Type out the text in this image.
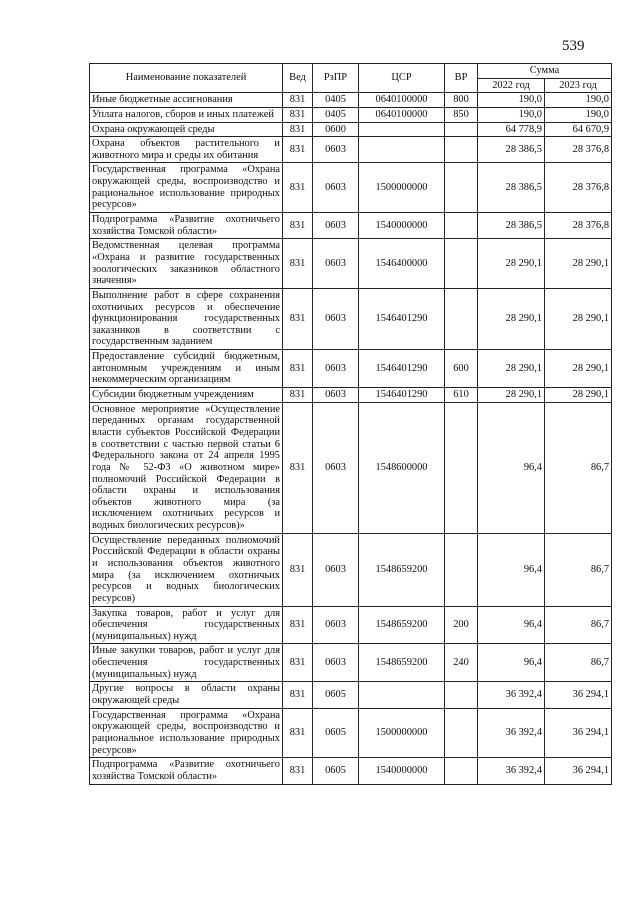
539
Наименование показателей	Вед	РзПР	ЦСР	ВР	Сумма	
					2022 год	2023 год
Иные бюджетные ассигнования	831	0405	0640100000	800	190,0	190,0
Уплата налогов, сборов и иных платежей	831	0405	0640100000	850	190,0	190,0
Охрана окружающей среды	831	0600			64 778,9	64 670,9
Охрана объектов растительного и животного мира и среды их обитания	831	0603			28 386,5	28 376,8
Государственная программа «Охрана окружающей среды, воспроизводство и рациональное использование природных ресурсов»	831	0603	1500000000		28 386,5	28 376,8
Подпрограмма «Развитие охотничьего хозяйства Томской области»	831	0603	1540000000		28 386,5	28 376,8
Ведомственная целевая программа «Охрана и развитие государственных зоологических заказников областного значения»	831	0603	1546400000		28 290,1	28 290,1
Выполнение работ в сфере сохранения охотничьих ресурсов и обеспечение функционирования государственных заказников в соответствии с государственным заданием	831	0603	1546401290		28 290,1	28 290,1
Предоставление субсидий бюджетным, автономным учреждениям и иным некоммерческим организациям	831	0603	1546401290	600	28 290,1	28 290,1
Субсидии бюджетным учреждениям	831	0603	1546401290	610	28 290,1	28 290,1
Основное мероприятие «Осуществление переданных органам государственной власти субъектов Российской Федерации в соответствии с частью первой статьи 6 Федерального закона от 24 апреля 1995 года № 52-ФЗ «О животном мире» полномочий Российской Федерации в области охраны и использования объектов животного мира (за исключением охотничьих ресурсов и водных биологических ресурсов)»	831	0603	1548600000		96,4	86,7
Осуществление переданных полномочий Российской Федерации в области охраны и использования объектов животного мира (за исключением охотничьих ресурсов и водных биологических ресурсов)	831	0603	1548659200		96,4	86,7
Закупка товаров, работ и услуг для обеспечения государственных (муниципальных) нужд	831	0603	1548659200	200	96,4	86,7
Иные закупки товаров, работ и услуг для обеспечения государственных (муниципальных) нужд	831	0603	1548659200	240	96,4	86,7
Другие вопросы в области охраны окружающей среды	831	0605			36 392,4	36 294,1
Государственная программа «Охрана окружающей среды, воспроизводство и рациональное использование природных ресурсов»	831	0605	1500000000		36 392,4	36 294,1
Подпрограмма «Развитие охотничьего хозяйства Томской области»	831	0605	1540000000		36 392,4	36 294,1
